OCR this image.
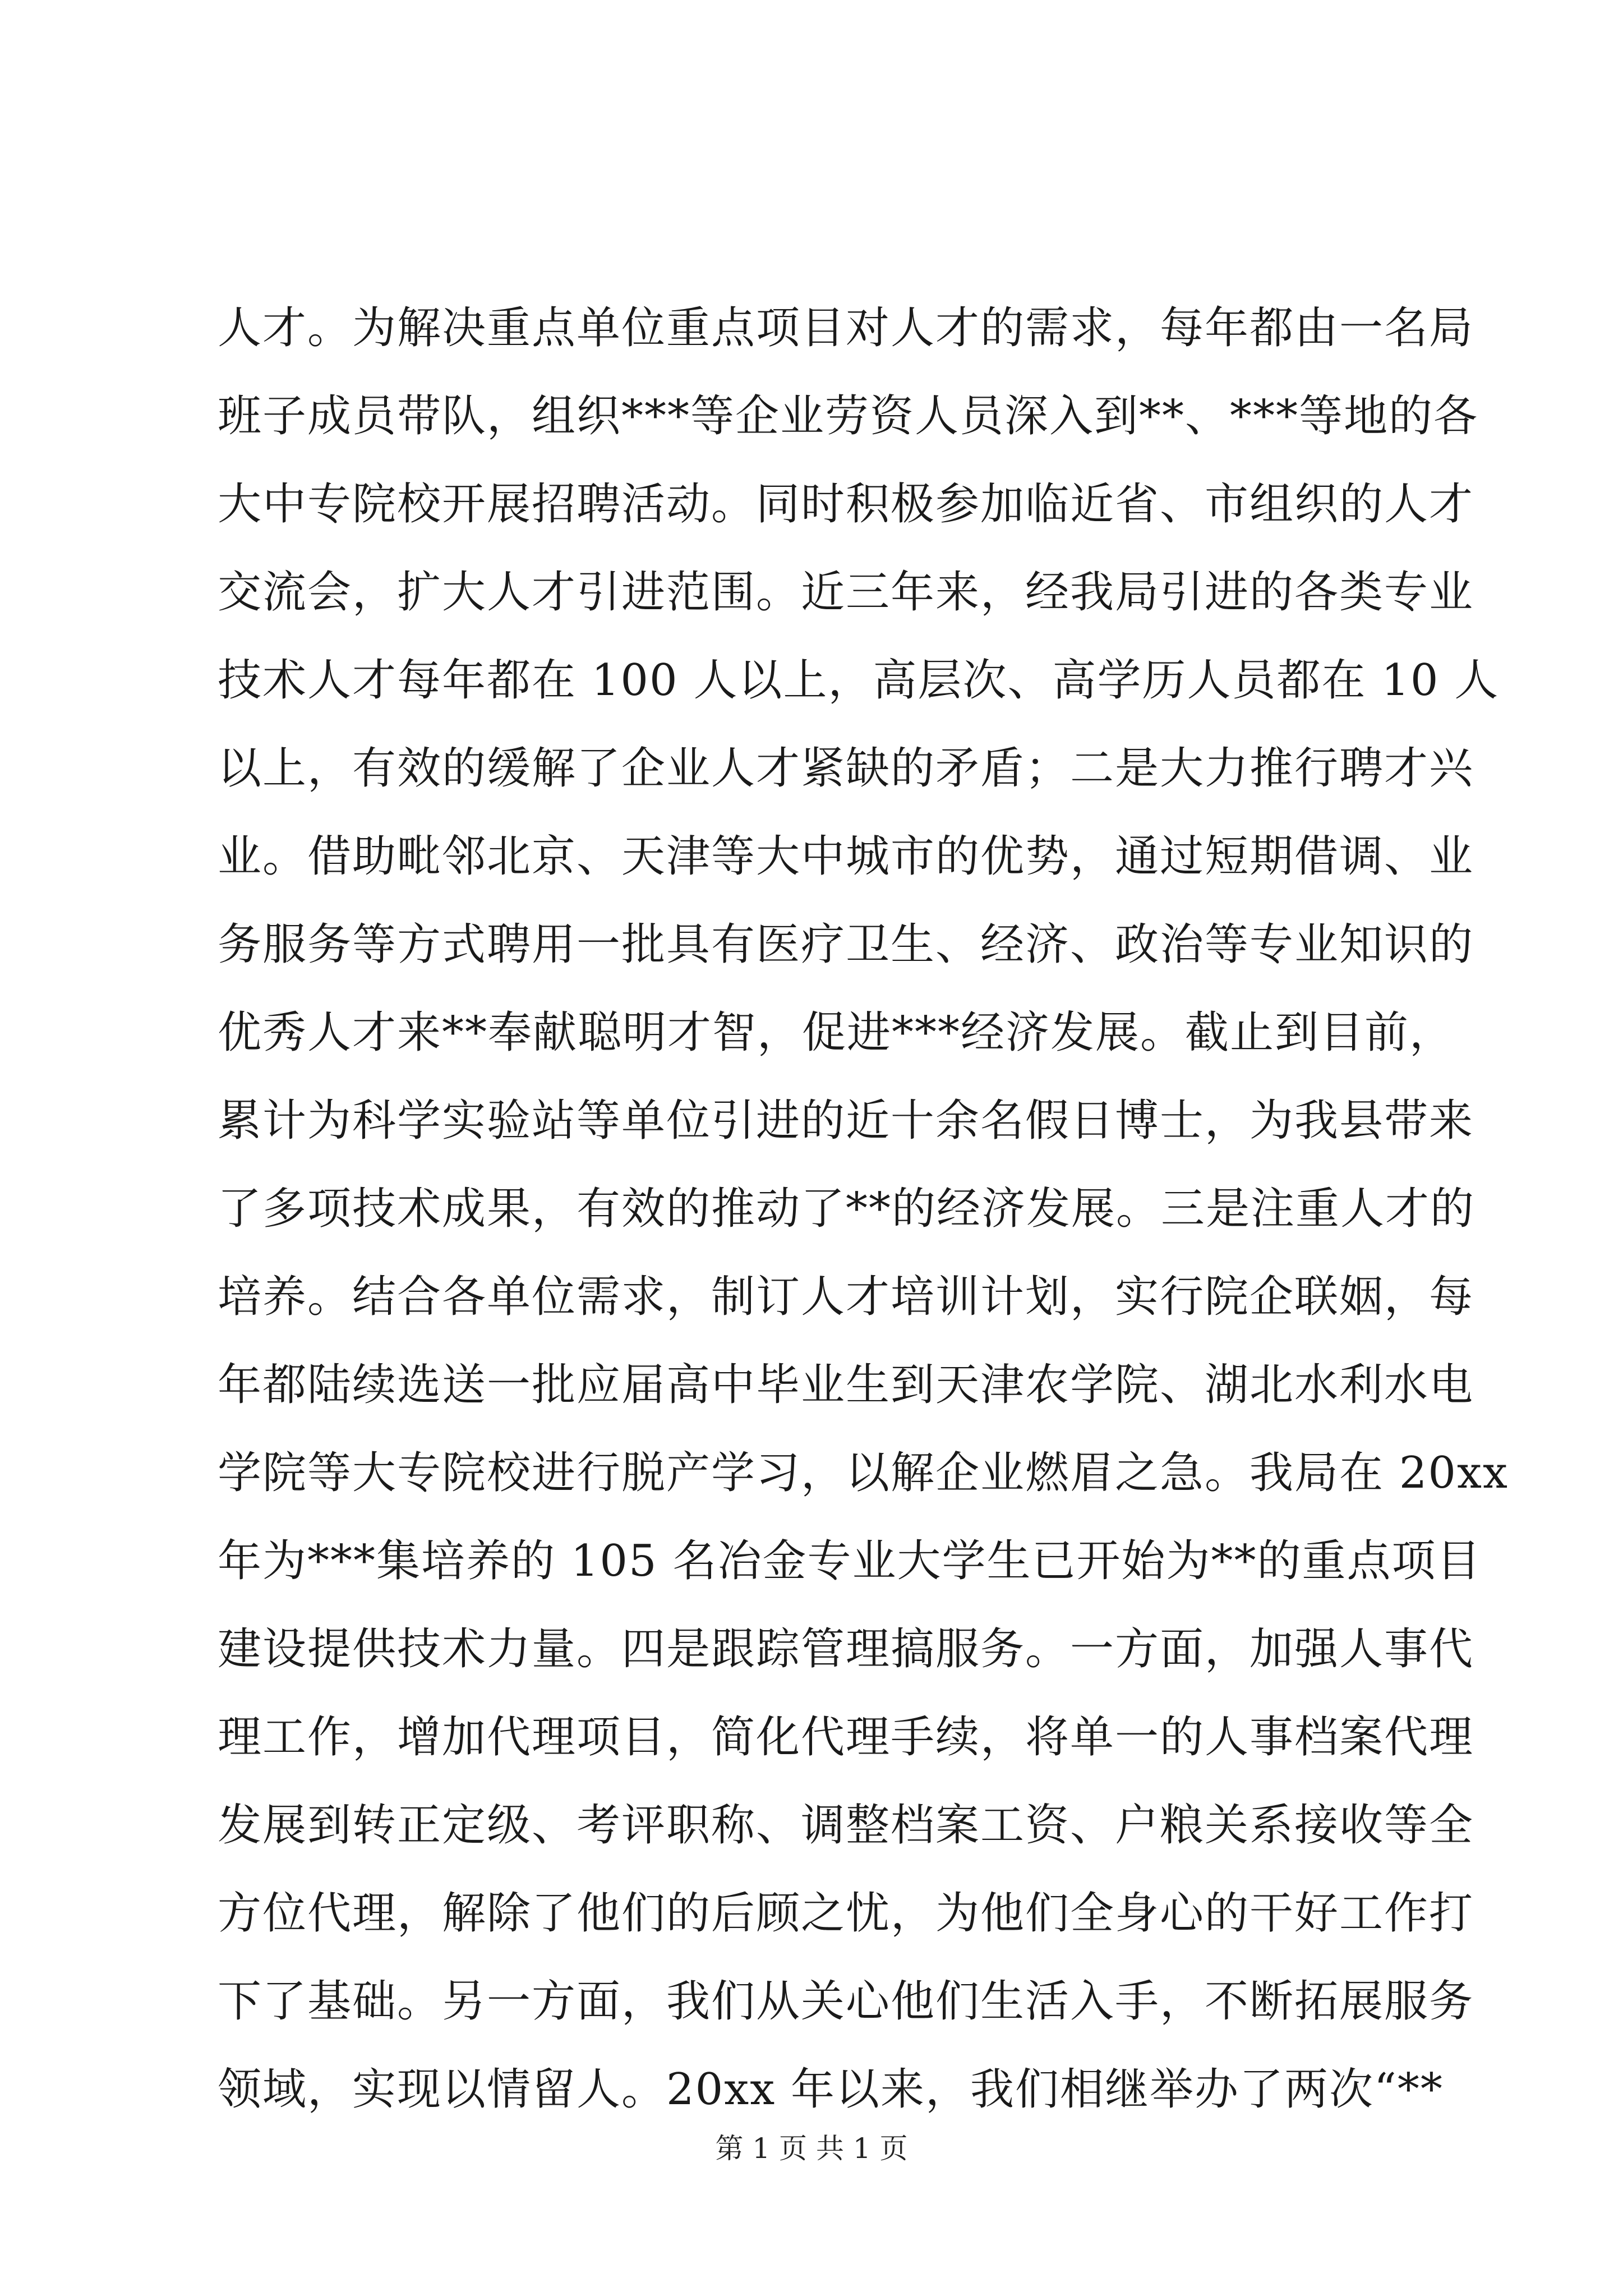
人才。为解决重点单位重点项目对人才的需求，每年都由一名局
班子成员带队，组织***等企业劳资人员深入到**、***等地的各
大中专院校开展招聘活动。同时积极参加临近省、市组织的人才
交流会，扩大人才引进范围。近三年来，经我局引进的各类专业
技术人才每年都在 100 人以上，高层次、高学历人员都在 10 人
以上，有效的缓解了企业人才紧缺的矛盾；二是大力推行聘才兴
业。借助毗邻北京、天津等大中城市的优势，通过短期借调、业
务服务等方式聘用一批具有医疗卫生、经济、政治等专业知识的
优秀人才来**奉献聪明才智，促进***经济发展。截止到目前，
累计为科学实验站等单位引进的近十余名假日博士，为我县带来
了多项技术成果，有效的推动了**的经济发展。三是注重人才的
培养。结合各单位需求，制订人才培训计划，实行院企联姻，每
年都陆续选送一批应届高中毕业生到天津农学院、湖北水利水电
学院等大专院校进行脱产学习，以解企业燃眉之急。我局在 20xx
年为***集培养的 105 名冶金专业大学生已开始为**的重点项目
建设提供技术力量。四是跟踪管理搞服务。一方面，加强人事代
理工作，增加代理项目，简化代理手续，将单一的人事档案代理
发展到转正定级、考评职称、调整档案工资、户粮关系接收等全
方位代理，解除了他们的后顾之忧，为他们全身心的干好工作打
下了基础。另一方面，我们从关心他们生活入手，不断拓展服务
领域，实现以情留人。20xx 年以来，我们相继举办了两次“**
第 1 页 共 1 页
